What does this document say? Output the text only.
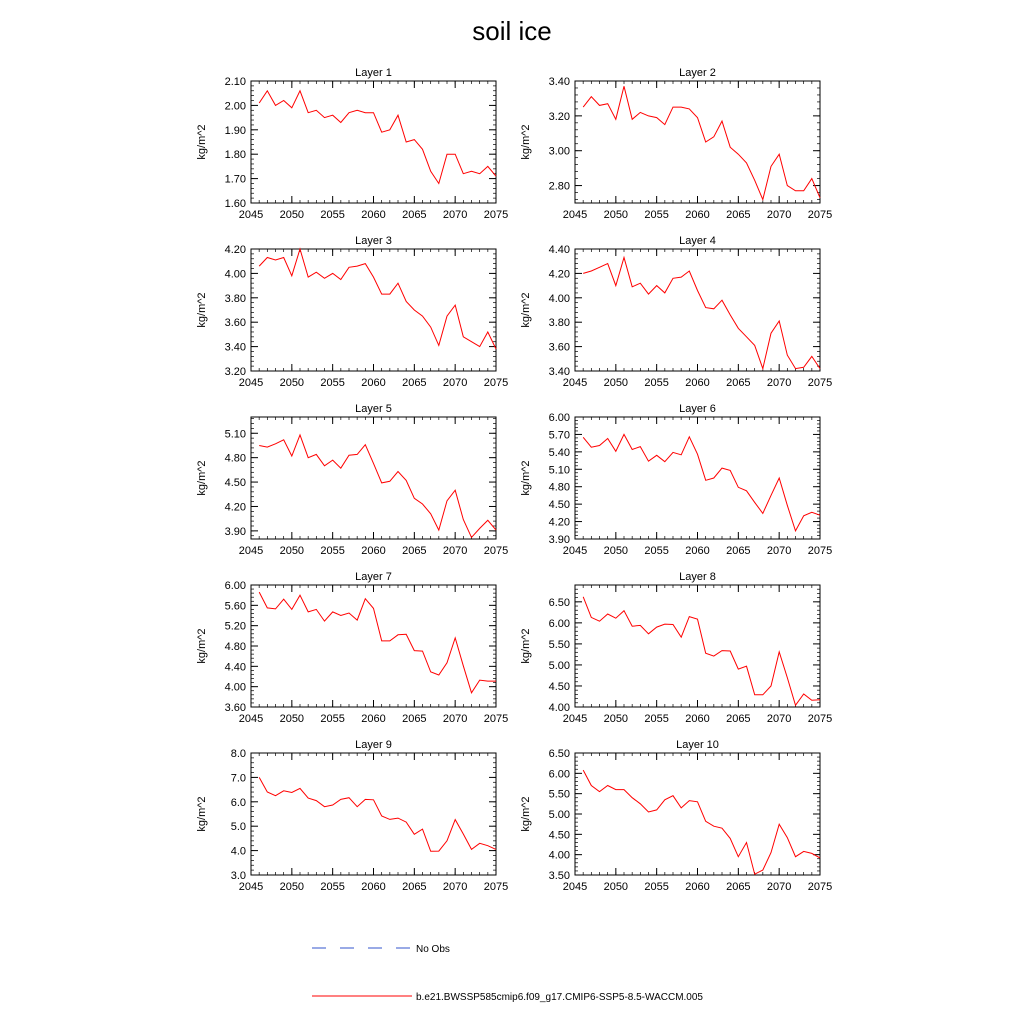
soil ice
Layer 1
kg/m^2
2045 2050 2055 2060 2065 2070 2075
1.60
1.70
1.80
1.90
2.00
2.10
Layer 2
kg/m^2
2045 2050 2055 2060 2065 2070 2075
2.80
3.00
3.20
3.40
Layer 3
kg/m^2
2045 2050 2055 2060 2065 2070 2075
3.20
3.40
3.60
3.80
4.00
4.20
Layer 4
kg/m^2
2045 2050 2055 2060 2065 2070 2075
3.40
3.60
3.80
4.00
4.20
4.40
Layer 5
kg/m^2
2045 2050 2055 2060 2065 2070 2075
3.90
4.20
4.50
4.80
5.10
Layer 6
kg/m^2
2045 2050 2055 2060 2065 2070 2075
3.90
4.20
4.50
4.80
5.10
5.40
5.70
6.00
Layer 7
kg/m^2
2045 2050 2055 2060 2065 2070 2075
3.60
4.00
4.40
4.80
5.20
5.60
6.00
Layer 8
kg/m^2
2045 2050 2055 2060 2065 2070 2075
4.00
4.50
5.00
5.50
6.00
6.50
Layer 9
kg/m^2
2045 2050 2055 2060 2065 2070 2075
3.0
4.0
5.0
6.0
7.0
8.0
Layer 10
kg/m^2
2045 2050 2055 2060 2065 2070 2075
3.50
4.00
4.50
5.00
5.50
6.00
6.50
No Obs
b.e21.BWSSP585cmip6.f09_g17.CMIP6-SSP5-8.5-WACCM.005
